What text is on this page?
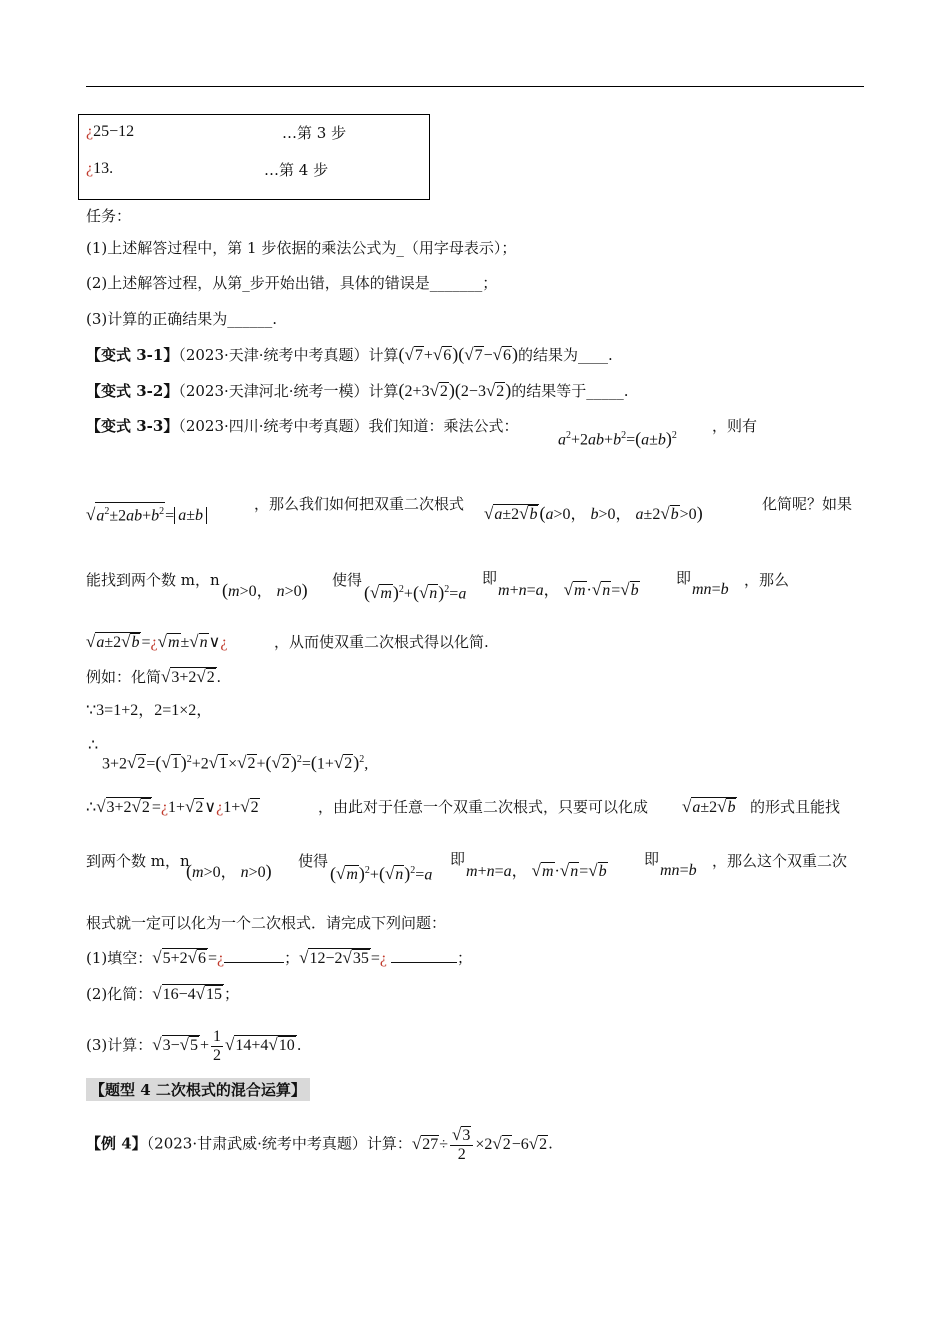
¿25−12	…第 3 步
¿13.	…第 4 步
任务：
(1)上述解答过程中，第 1 步依据的乘法公式为_（用字母表示）；
(2)上述解答过程，从第_步开始出错，具体的错误是_______；
(3)计算的正确结果为______.
【变式 3-1】（2023·天津·统考中考真题）计算(√7+√6)(√7−√6)的结果为____.
【变式 3-2】（2023·天津河北·统考一模）计算(2+3√2)(2−3√2)的结果等于_____.
【变式 3-3】（2023·四川·统考中考真题）我们知道：乘法公式：
$a^2+2ab+b^2=(a\pm b)^2$
，则有
$√a^2\pm 2ab+b^2= a\pm b$
，那么我们如何把双重二次根式 √a±2√b (a>0， b>0， a±2√b>0)	化简呢？如果
能找到两个数 m，n (m>0， n>0) 使得
$(√m)^2+(√n)^2=a$
即
m+n=a， √m·√n=√b
即
mn=b
，那么
√a±2√b =¿√m±√n∨¿	，从而使双重二次根式得以化简.
例如：化简√3+2√2 .
∵3=1+2，2=1×2，
∴
$3+2√2=(√1)^2+2√1\times√2+(√2)^2=(1+√2)^2$,
∴√3+2√2 =¿1+√2∨¿1+√2	，由此对于任意一个双重二次根式，只要可以化成 √a±2√b 的形式且能找
到两个数 m，n
(m>0， n>0) 使得
$(√m)^2+(√n)^2=a$
即
m+n=a， √m·√n=√b
即
mn=b
，那么这个双重二次
根式就一定可以化为一个二次根式．请完成下列问题：
(1)填空：√5+2√6 =¿	；√12−2√35 =¿	；
(2)化简：√16−4√15 ；
(3)计算：$√3-√5 + \frac{1}{2} √14+4√10$ .
【题型 4 二次根式的混合运算】
【例 4】（2023·甘肃武威·统考中考真题）计算：$√27\div \frac{√3}{2} \times 2√2-6√2$.
